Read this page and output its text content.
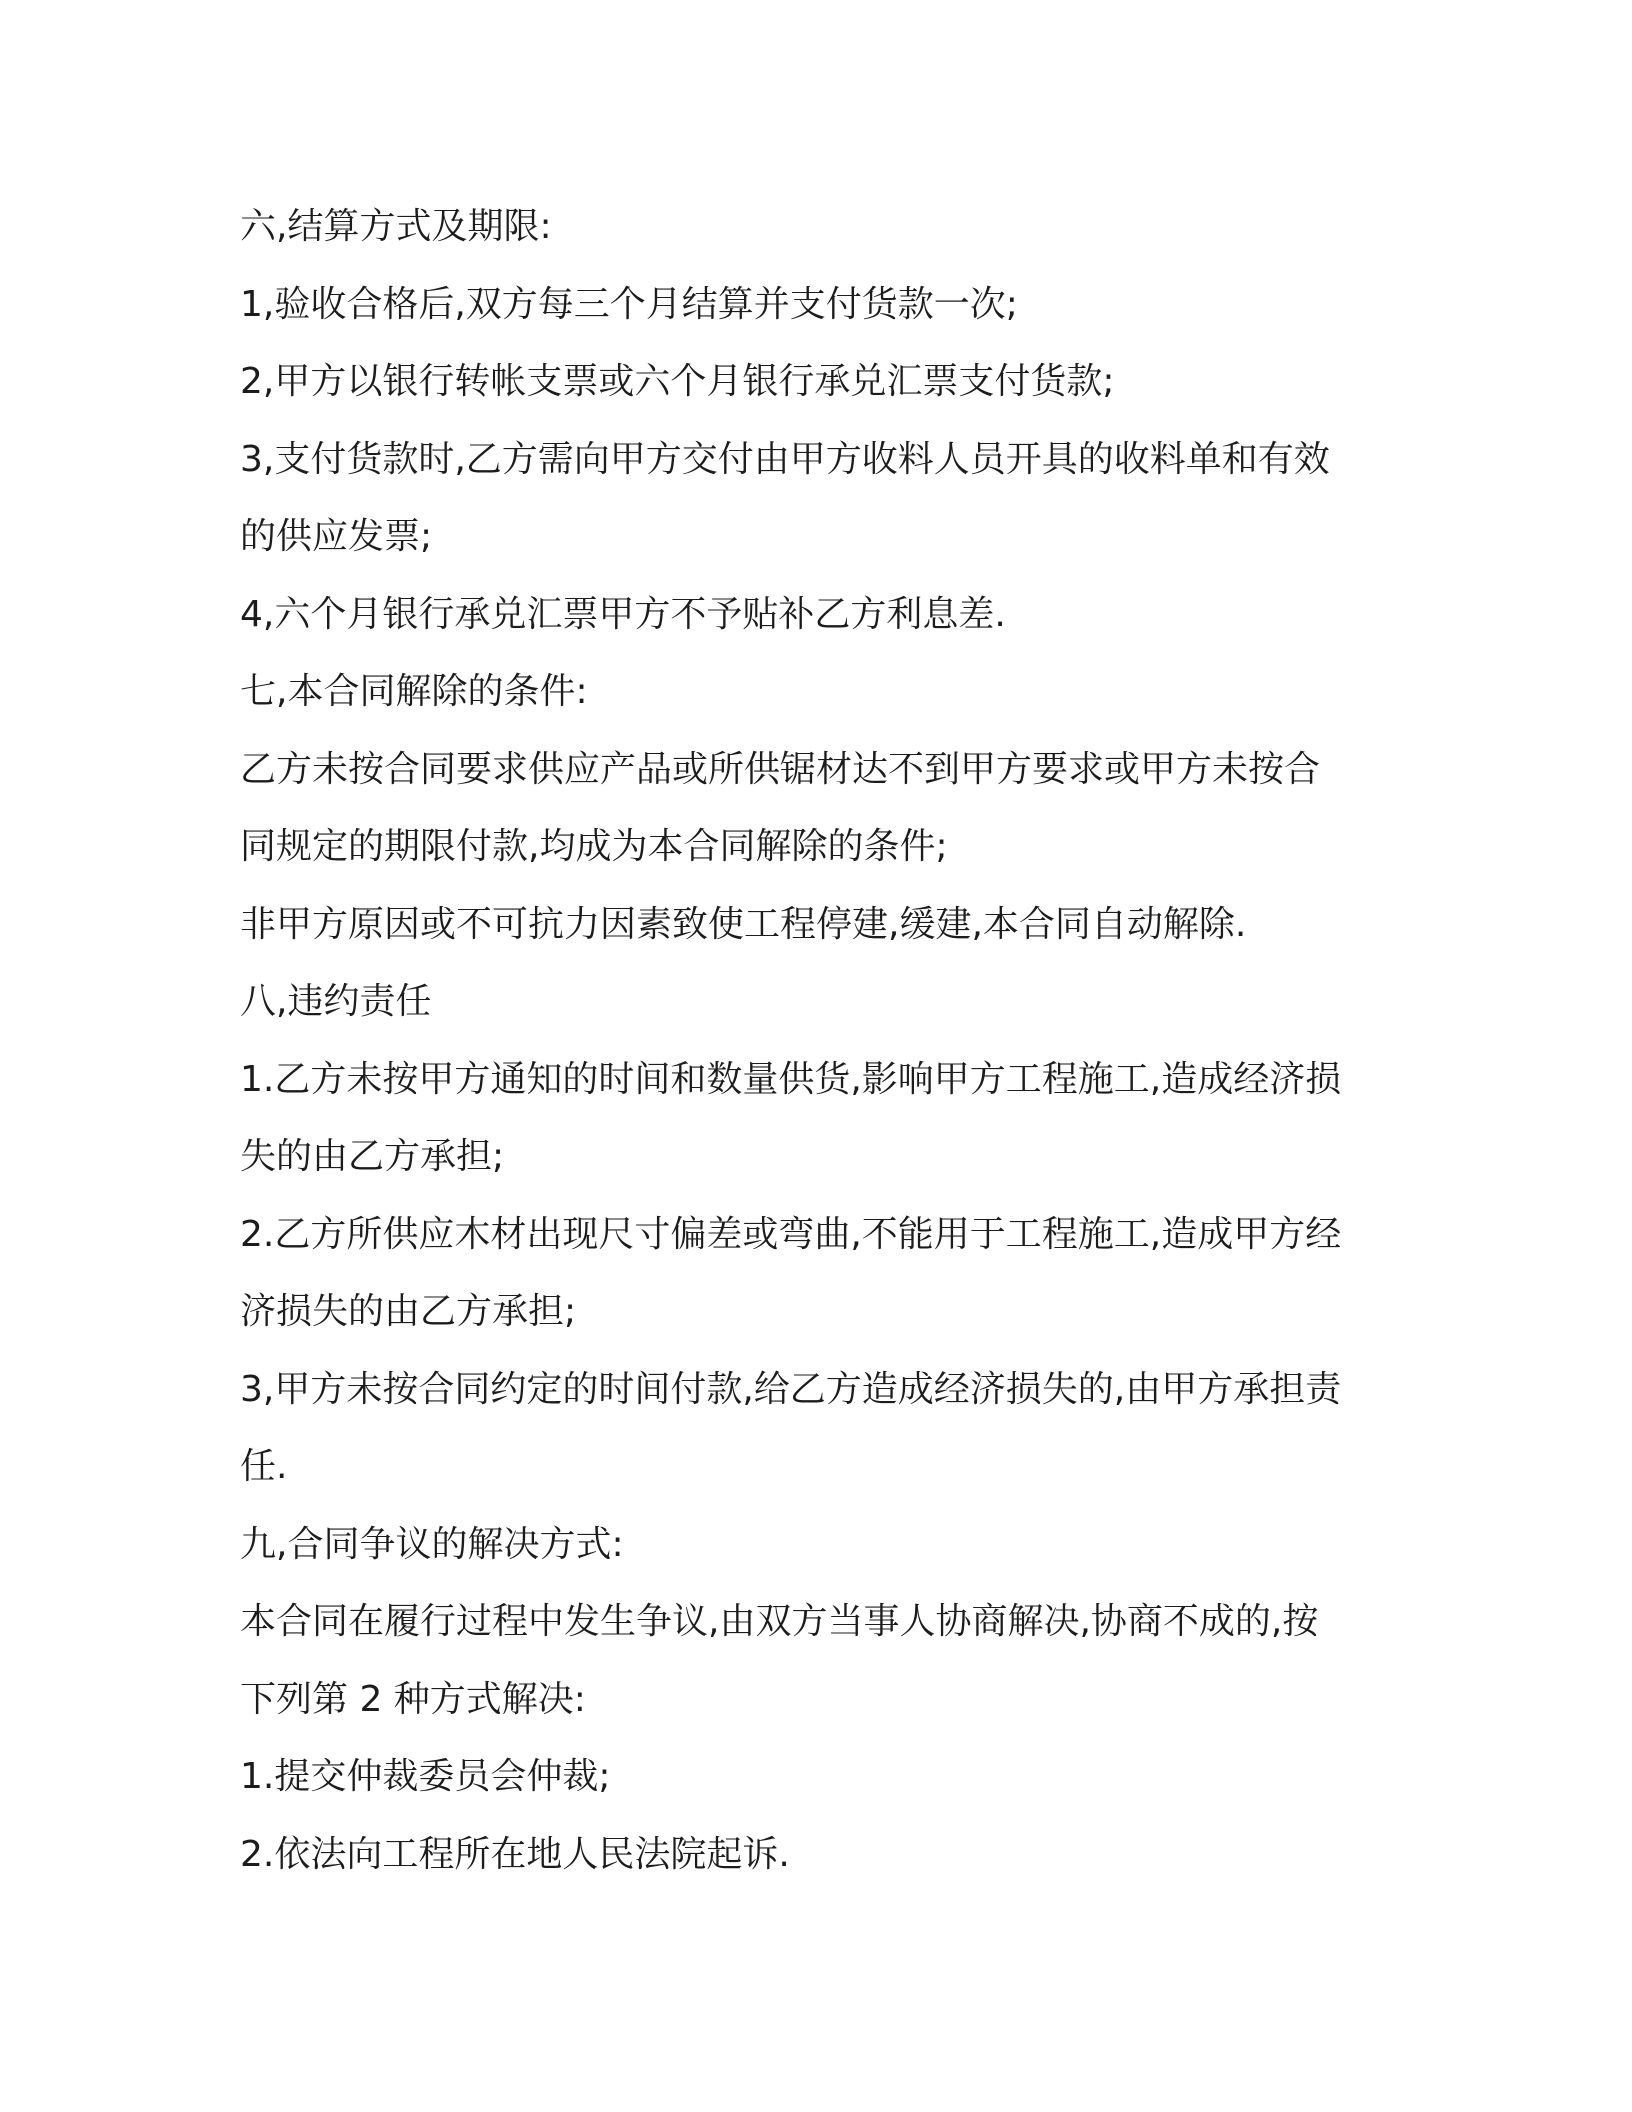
六,结算方式及期限:

1,验收合格后,双方每三个月结算并支付货款一次;

2,甲方以银行转帐支票或六个月银行承兑汇票支付货款;

3,支付货款时,乙方需向甲方交付由甲方收料人员开具的收料单和有效

的供应发票;

4,六个月银行承兑汇票甲方不予贴补乙方利息差.

七,本合同解除的条件:

乙方未按合同要求供应产品或所供锯材达不到甲方要求或甲方未按合

同规定的期限付款,均成为本合同解除的条件;

非甲方原因或不可抗力因素致使工程停建,缓建,本合同自动解除.

八,违约责任

1.乙方未按甲方通知的时间和数量供货,影响甲方工程施工,造成经济损

失的由乙方承担;

2.乙方所供应木材出现尺寸偏差或弯曲,不能用于工程施工,造成甲方经

济损失的由乙方承担;

3,甲方未按合同约定的时间付款,给乙方造成经济损失的,由甲方承担责

任.

九,合同争议的解决方式:

本合同在履行过程中发生争议,由双方当事人协商解决,协商不成的,按

下列第 2 种方式解决:

1.提交仲裁委员会仲裁;

2.依法向工程所在地人民法院起诉.
